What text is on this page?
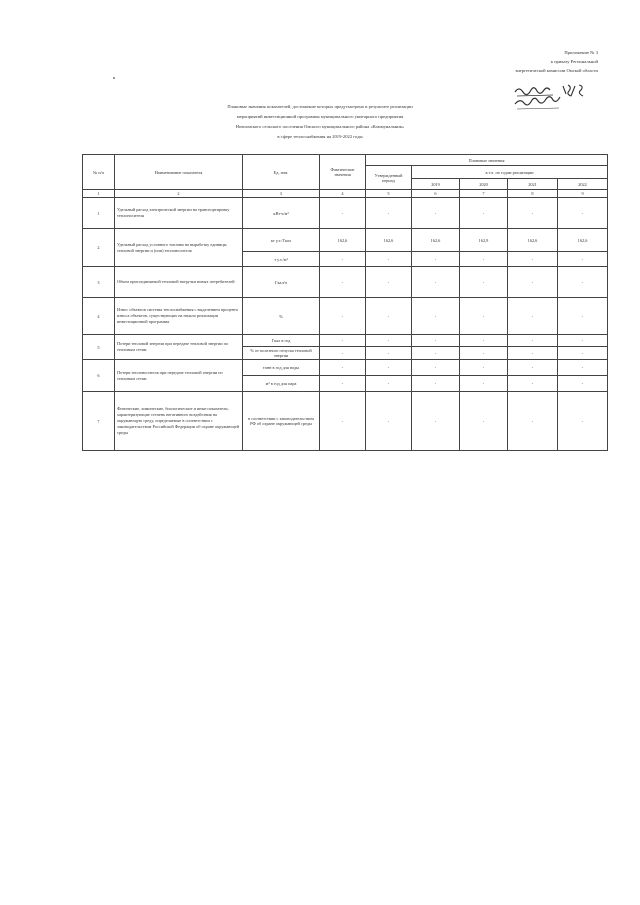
Приложение № 3
к приказу Региональной
энергетической комиссии Омской области
Плановые значения показателей, достижение которых предусмотрено в результате реализации
мероприятий инвестиционной программы муниципального унитарного предприятия
Новоомского сельского поселения Омского муниципального района «Коммунальник»
в сфере теплоснабжения на 2019-2022 годы
№ п/п	Наименование показателя	Ед. изм.	Фактические значения	Плановые значения				
				Утвержденный период	в т.ч. по годам реализации			
					2019	2020	2021	2022
1	2	3	4	5	6	7	8	9
1	Удельный расход электрической энергии на транспортировку теплоносителя	кВт∙ч/м³	-	-	-	-	-	-
2	Удельный расход условного топлива на выработку единицы тепловой энергии и (или) теплоносителя	кг у.т./Гкал	162,6	162,6	162,6	162,9	162,6	162,6
		т у.т./м³	-	-	-	-	-	-
3	Объем присоединяемой тепловой нагрузки новых потребителей	Гкал/ч	-	-	-	-	-	-
4	Износ объектов системы теплоснабжения с выделением процента износа объектов, существующих на начало реализации инвестиционной программы	%	-	-	-	-	-	-
5	Потери тепловой энергии при передаче тепловой энергии по тепловым сетям	Гкал в год	-	-	-	-	-	-
		% от полезного отпуска тепловой энергии	-	-	-	-	-	-
6	Потери теплоносителя при передаче тепловой энергии по тепловым сетям	тонн в год для воды	-	-	-	-	-	-
		м³ в год для пара	-	-	-	-	-	-
7	Физические, химические, биологические и иные показатели, характеризующие степень негативного воздействия на окружающую среду, определяемые в соответствии с законодательством Российской Федерации об охране окружающей среды	в соответствии с законодательством РФ об охране окружающей среды	-	-	-	-	-	-
